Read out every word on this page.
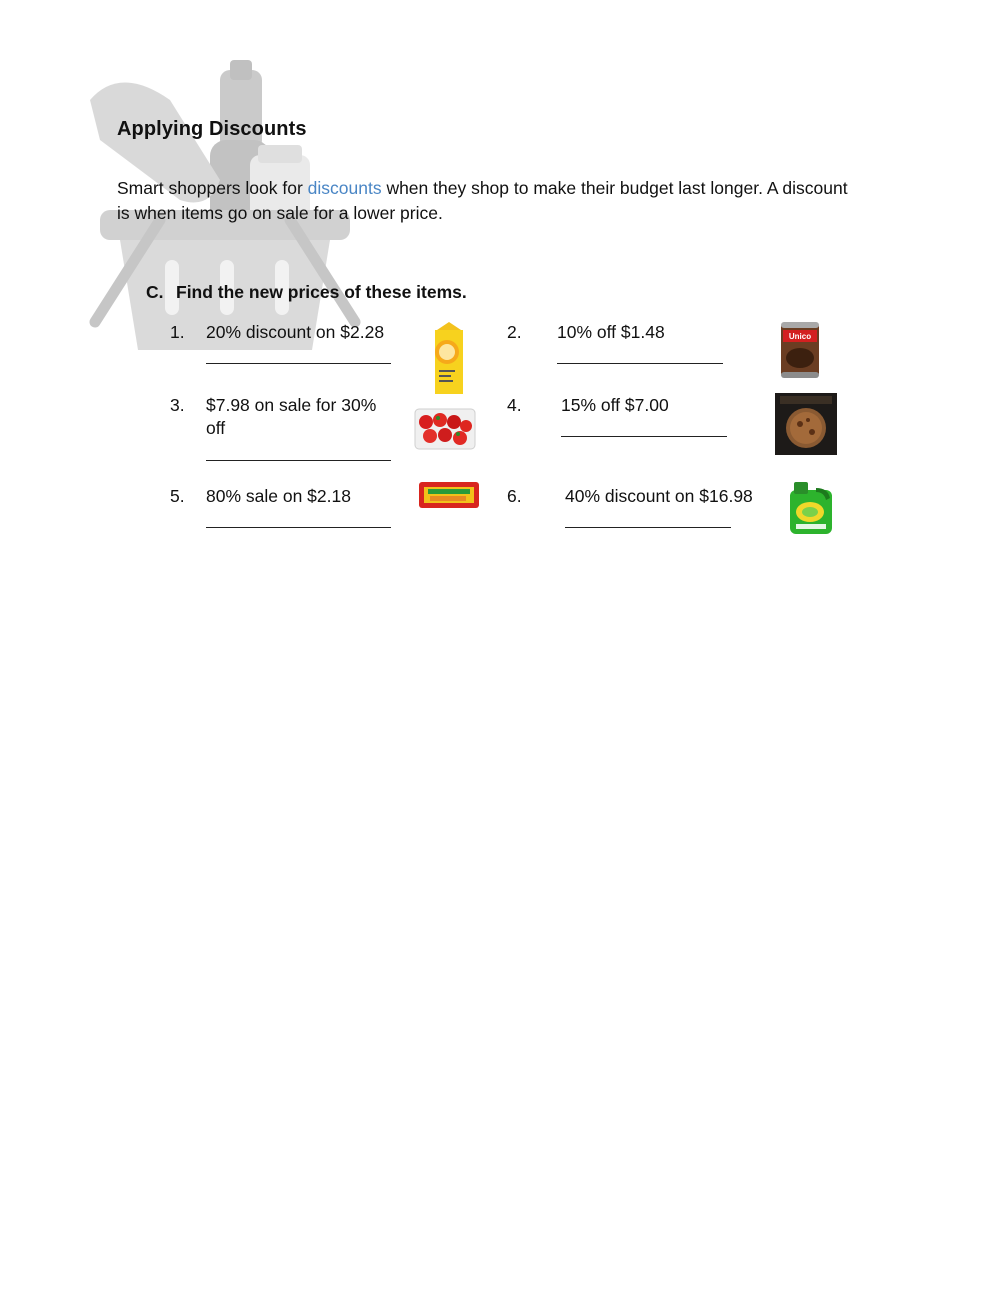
Applying Discounts
Smart shoppers look for discounts when they shop to make their budget last longer. A discount
is when items go on sale for a lower price.
C. Find the new prices of these items.
1. 20% discount on $2.28	2. 10% off $1.48	Unico
3. $7.98 on sale for 30%
off
4. 15% off $7.00
5. 80% sale on $2.18	6. 40% discount on $16.98
